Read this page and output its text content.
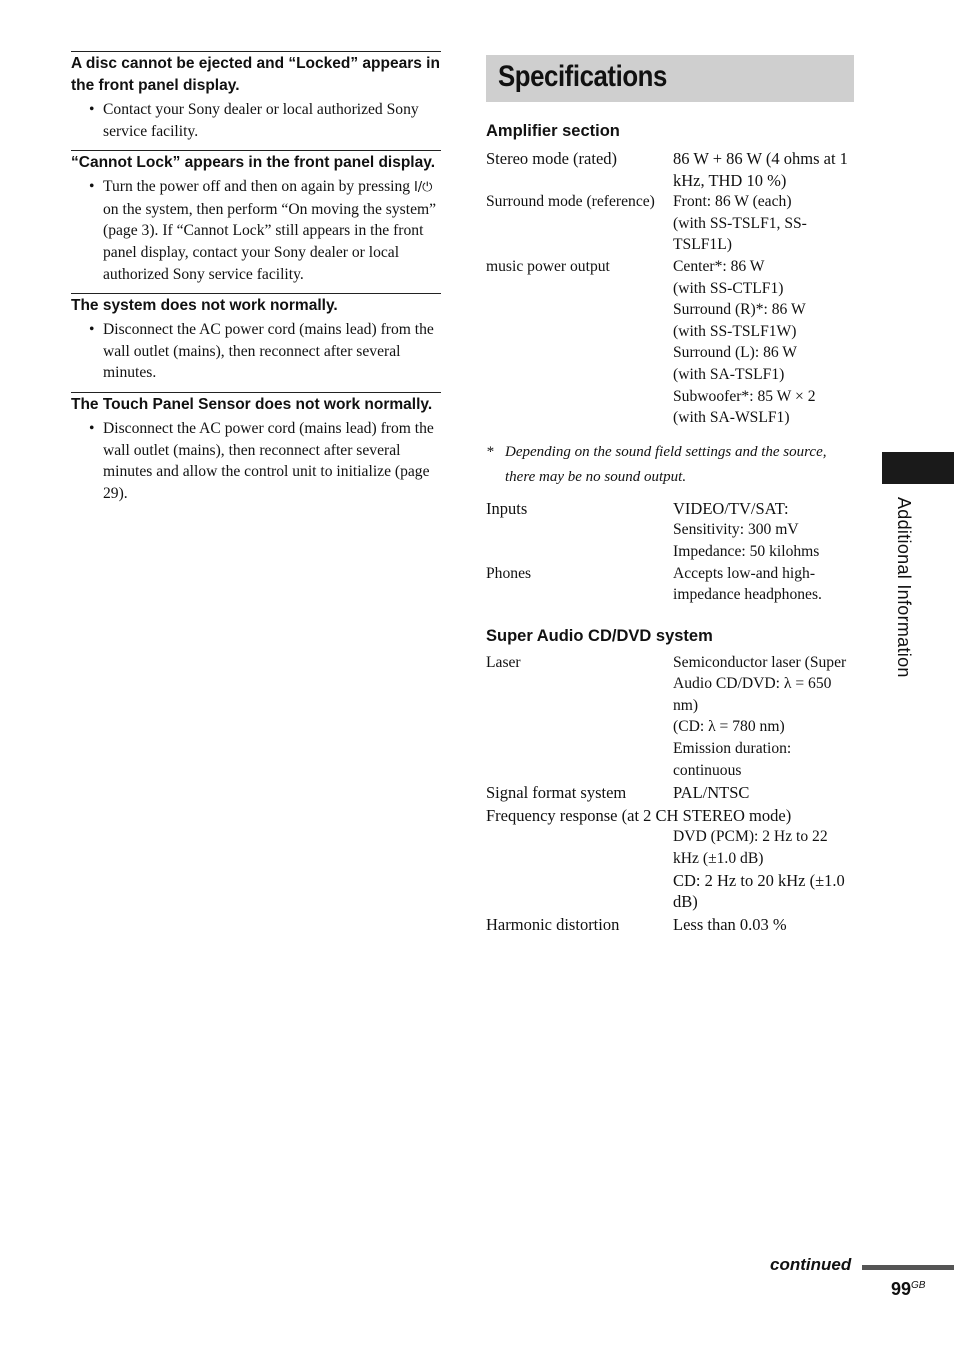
A disc cannot be ejected and “Locked” appears in the front panel display.
• Contact your Sony dealer or local authorized Sony service facility.
“Cannot Lock” appears in the front panel display.
• Turn the power off and then on again by pressing I/⏻ on the system, then perform “On moving the system” (page 3). If “Cannot Lock” still appears in the front panel display, contact your Sony dealer or local authorized Sony service facility.
The system does not work normally.
• Disconnect the AC power cord (mains lead) from the wall outlet (mains), then reconnect after several minutes.
The Touch Panel Sensor does not work normally.
• Disconnect the AC power cord (mains lead) from the wall outlet (mains), then reconnect after several minutes and allow the control unit to initialize (page 29).
Specifications
Amplifier section
Stereo mode (rated)	86 W + 86 W (4 ohms at 1 kHz, THD 10 %)
Surround mode (reference)	Front: 86 W (each)
(with SS-TSLF1, SS-TSLF1L)
music power output	Center*: 86 W
(with SS-CTLF1)
Surround (R)*: 86 W
(with SS-TSLF1W)
Surround (L): 86 W
(with SA-TSLF1)
Subwoofer*: 85 W × 2
(with SA-WSLF1)
* Depending on the sound field settings and the source, there may be no sound output.
Inputs	VIDEO/TV/SAT:
Sensitivity: 300 mV
Impedance: 50 kilohms
Phones	Accepts low-and high-impedance headphones.
Super Audio CD/DVD system
Laser	Semiconductor laser (Super Audio CD/DVD: λ = 650 nm)
(CD: λ = 780 nm)
Emission duration: continuous
Signal format system	PAL/NTSC
Frequency response (at 2 CH STEREO mode)
DVD (PCM): 2 Hz to 22 kHz (±1.0 dB)
CD: 2 Hz to 20 kHz (±1.0 dB)
Harmonic distortion	Less than 0.03 %
Additional Information
continued
$99^{GB}$
